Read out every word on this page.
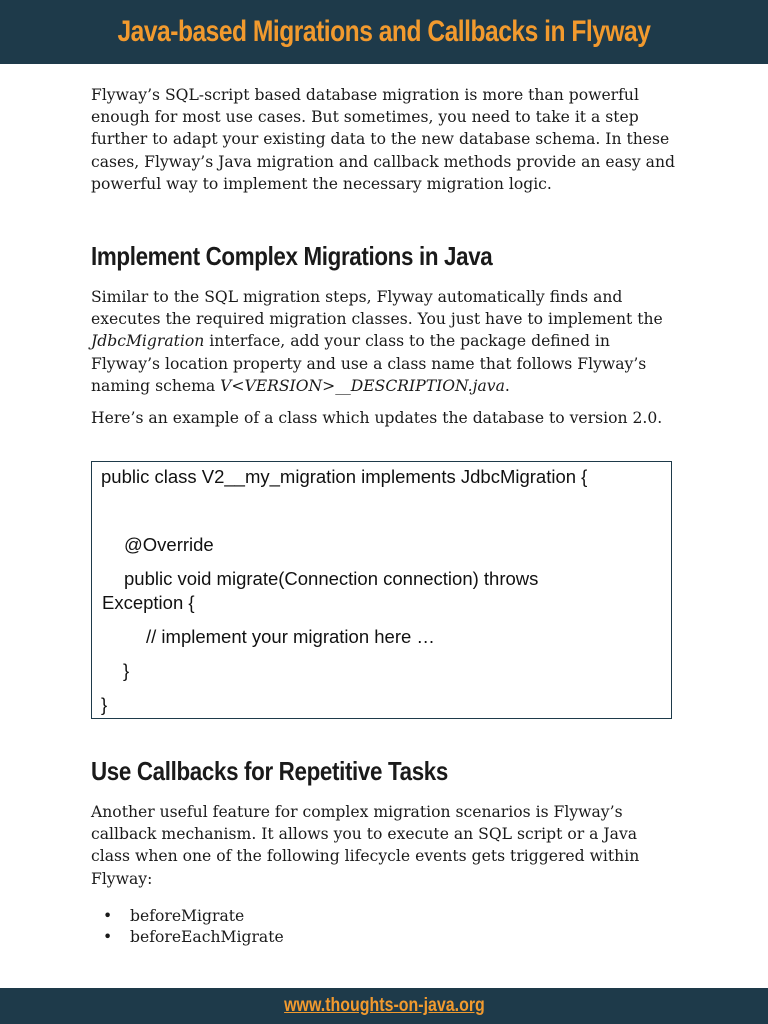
Java-based Migrations and Callbacks in Flyway

Flyway’s SQL-script based database migration is more than powerful enough for most use cases. But sometimes, you need to take it a step further to adapt your existing data to the new database schema. In these cases, Flyway’s Java migration and callback methods provide an easy and powerful way to implement the necessary migration logic.

Implement Complex Migrations in Java

Similar to the SQL migration steps, Flyway automatically finds and executes the required migration classes. You just have to implement the JdbcMigration interface, add your class to the package defined in Flyway’s location property and use a class name that follows Flyway’s naming schema V<VERSION>__DESCRIPTION.java.

Here’s an example of a class which updates the database to version 2.0.

public class V2__my_migration implements JdbcMigration {
@Override
public void migrate(Connection connection) throws
Exception {
// implement your migration here …
}
}
Use Callbacks for Repetitive Tasks

Another useful feature for complex migration scenarios is Flyway’s callback mechanism. It allows you to execute an SQL script or a Java class when one of the following lifecycle events gets triggered within Flyway:

• beforeMigrate
• beforeEachMigrate
www.thoughts-on-java.org
